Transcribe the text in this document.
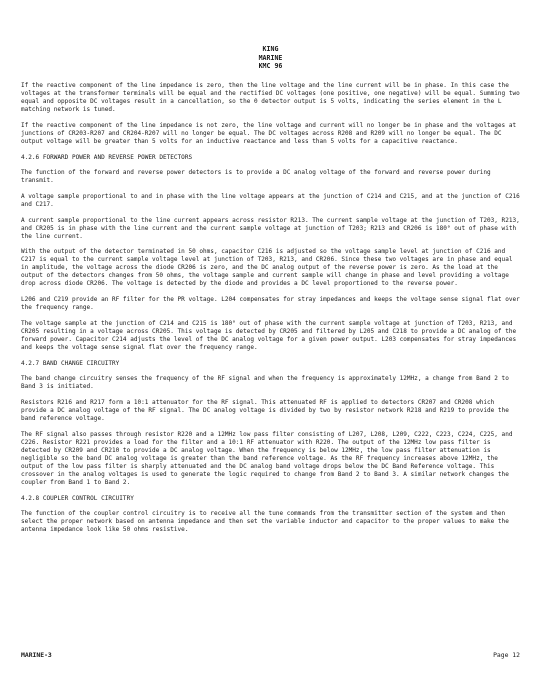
KING
MARINE
KMC 96

If the reactive component of the line impedance is zero, then the line voltage and the line current will be in phase. In this case the voltages at the transformer terminals will be equal and the rectified DC voltages (one positive, one negative) will be equal. Summing two equal and opposite DC voltages result in a cancellation, so the 0 detector output is 5 volts, indicating the series element in the L matching network is tuned.

If the reactive component of the line impedance is not zero, the line voltage and current will no longer be in phase and the voltages at junctions of CR203-R207 and CR204-R207 will no longer be equal. The DC voltages across R208 and R209 will no longer be equal. The DC output voltage will be greater than 5 volts for an inductive reactance and less than 5 volts for a capacitive reactance.

4.2.6 FORWARD POWER AND REVERSE POWER DETECTORS

The function of the forward and reverse power detectors is to provide a DC analog voltage of the forward and reverse power during transmit.

A voltage sample proportional to and in phase with the line voltage appears at the junction of C214 and C215, and at the junction of C216 and C217.

A current sample proportional to the line current appears across resistor R213. The current sample voltage at the junction of T203, R213, and CR205 is in phase with the line current and the current sample voltage at junction of T203; R213 and CR206 is 180° out of phase with the line current.

With the output of the detector terminated in 50 ohms, capacitor C216 is adjusted so the voltage sample level at junction of C216 and C217 is equal to the current sample voltage level at junction of T203, R213, and CR206. Since these two voltages are in phase and equal in amplitude, the voltage across the diode CR206 is zero, and the DC analog output of the reverse power is zero. As the load at the output of the detectors changes from 50 ohms, the voltage sample and current sample will change in phase and level providing a voltage drop across diode CR206. The voltage is detected by the diode and provides a DC level proportioned to the reverse power.

L206 and C219 provide an RF filter for the PR voltage. L204 compensates for stray impedances and keeps the voltage sense signal flat over the frequency range.

The voltage sample at the junction of C214 and C215 is 180° out of phase with the current sample voltage at junction of T203, R213, and CR205 resulting in a voltage across CR205. This voltage is detected by CR205 and filtered by L205 and C218 to provide a DC analog of the forward power. Capacitor C214 adjusts the level of the DC analog voltage for a given power output. L203 compensates for stray impedances and keeps the voltage sense signal flat over the frequency range.

4.2.7 BAND CHANGE CIRCUITRY

The band change circuitry senses the frequency of the RF signal and when the frequency is approximately 12MHz, a change from Band 2 to Band 3 is initiated.

Resistors R216 and R217 form a 10:1 attenuator for the RF signal. This attenuated RF is applied to detectors CR207 and CR208 which provide a DC analog voltage of the RF signal. The DC analog voltage is divided by two by resistor network R218 and R219 to provide the band reference voltage.

The RF signal also passes through resistor R220 and a 12MHz low pass filter consisting of L207, L208, L209, C222, C223, C224, C225, and C226. Resistor R221 provides a load for the filter and a 10:1 RF attenuator with R220. The output of the 12MHz low pass filter is detected by CR209 and CR210 to provide a DC analog voltage. When the frequency is below 12MHz, the low pass filter attenuation is negligible so the band DC analog voltage is greater than the band reference voltage. As the RF frequency increases above 12MHz, the output of the low pass filter is sharply attenuated and the DC analog band voltage drops below the DC Band Reference voltage. This crossover in the analog voltages is used to generate the logic required to change from Band 2 to Band 3. A similar network changes the coupler from Band 1 to Band 2.

4.2.8 COUPLER CONTROL CIRCUITRY

The function of the coupler control circuitry is to receive all the tune commands from the transmitter section of the system and then select the proper network based on antenna impedance and then set the variable inductor and capacitor to the proper values to make the antenna impedance look like 50 ohms resistive.

MARINE-3	Page 12
